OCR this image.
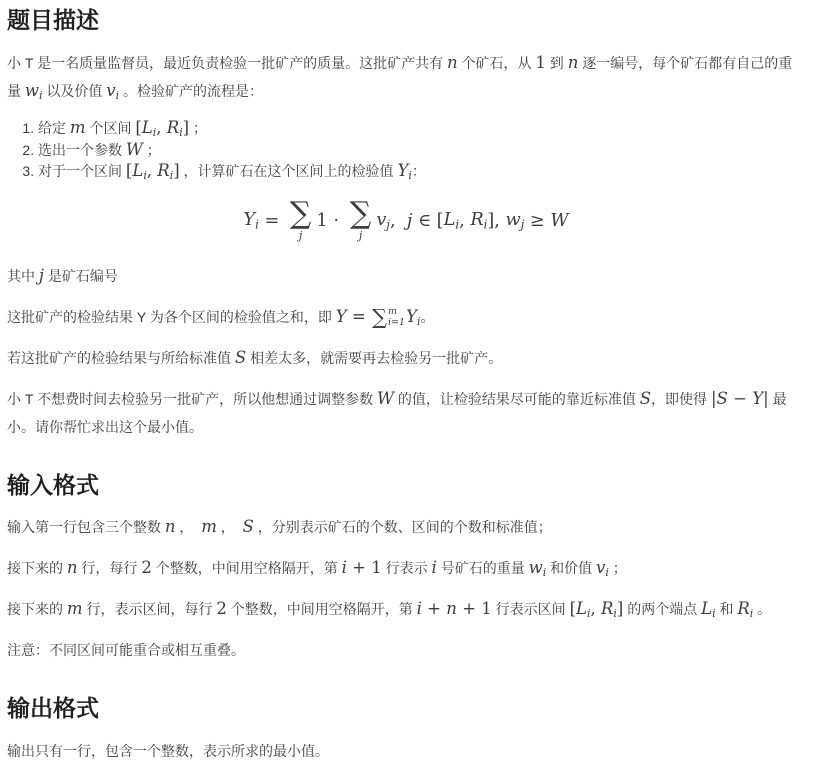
题目描述

小 T 是一名质量监督员，最近负责检验一批矿产的质量。这批矿产共有 n 个矿石，从 1 到 n 逐一编号，每个矿石都有自己的重量 $w_i$ 以及价值 $v_i$ 。检验矿产的流程是：

1. 给定 m 个区间 [$L_i$, $R_i$] ；
2. 选出一个参数 W ；
3. 对于一个区间 [$L_i$, $R_i$] ，计算矿石在这个区间上的检验值 $Y_i$：
$Y_i$ = ∑
j
1 ⋅ ∑
j
$v_j$ , j ∈ [ $L_i$ , $R_i$ ] , $w_j \ge W$

其中 j 是矿石编号

这批矿产的检验结果 Y 为各个区间的检验值之和，即 Y = ∑ m
i=1 $Y_i$。

若这批矿产的检验结果与所给标准值 S 相差太多，就需要再去检验另一批矿产。

小 T 不想费时间去检验另一批矿产，所以他想通过调整参数 W 的值，让检验结果尽可能的靠近标准值 S，即使得 |S − Y| 最小。请你帮忙求出这个最小值。

输入格式

输入第一行包含三个整数 n ，  m ，  S ，分别表示矿石的个数、区间的个数和标准值；

接下来的 n 行，每行 2 个整数，中间用空格隔开，第 i + 1 行表示 i 号矿石的重量 $w_i$ 和价值 $v_i$ ；

接下来的 m 行，表示区间，每行 2 个整数，中间用空格隔开，第 i + n + 1 行表示区间 [$L_i$, $R_i$] 的两个端点 $L_i$ 和 $R_i$ 。

注意：不同区间可能重合或相互重叠。

输出格式

输出只有一行，包含一个整数，表示所求的最小值。
